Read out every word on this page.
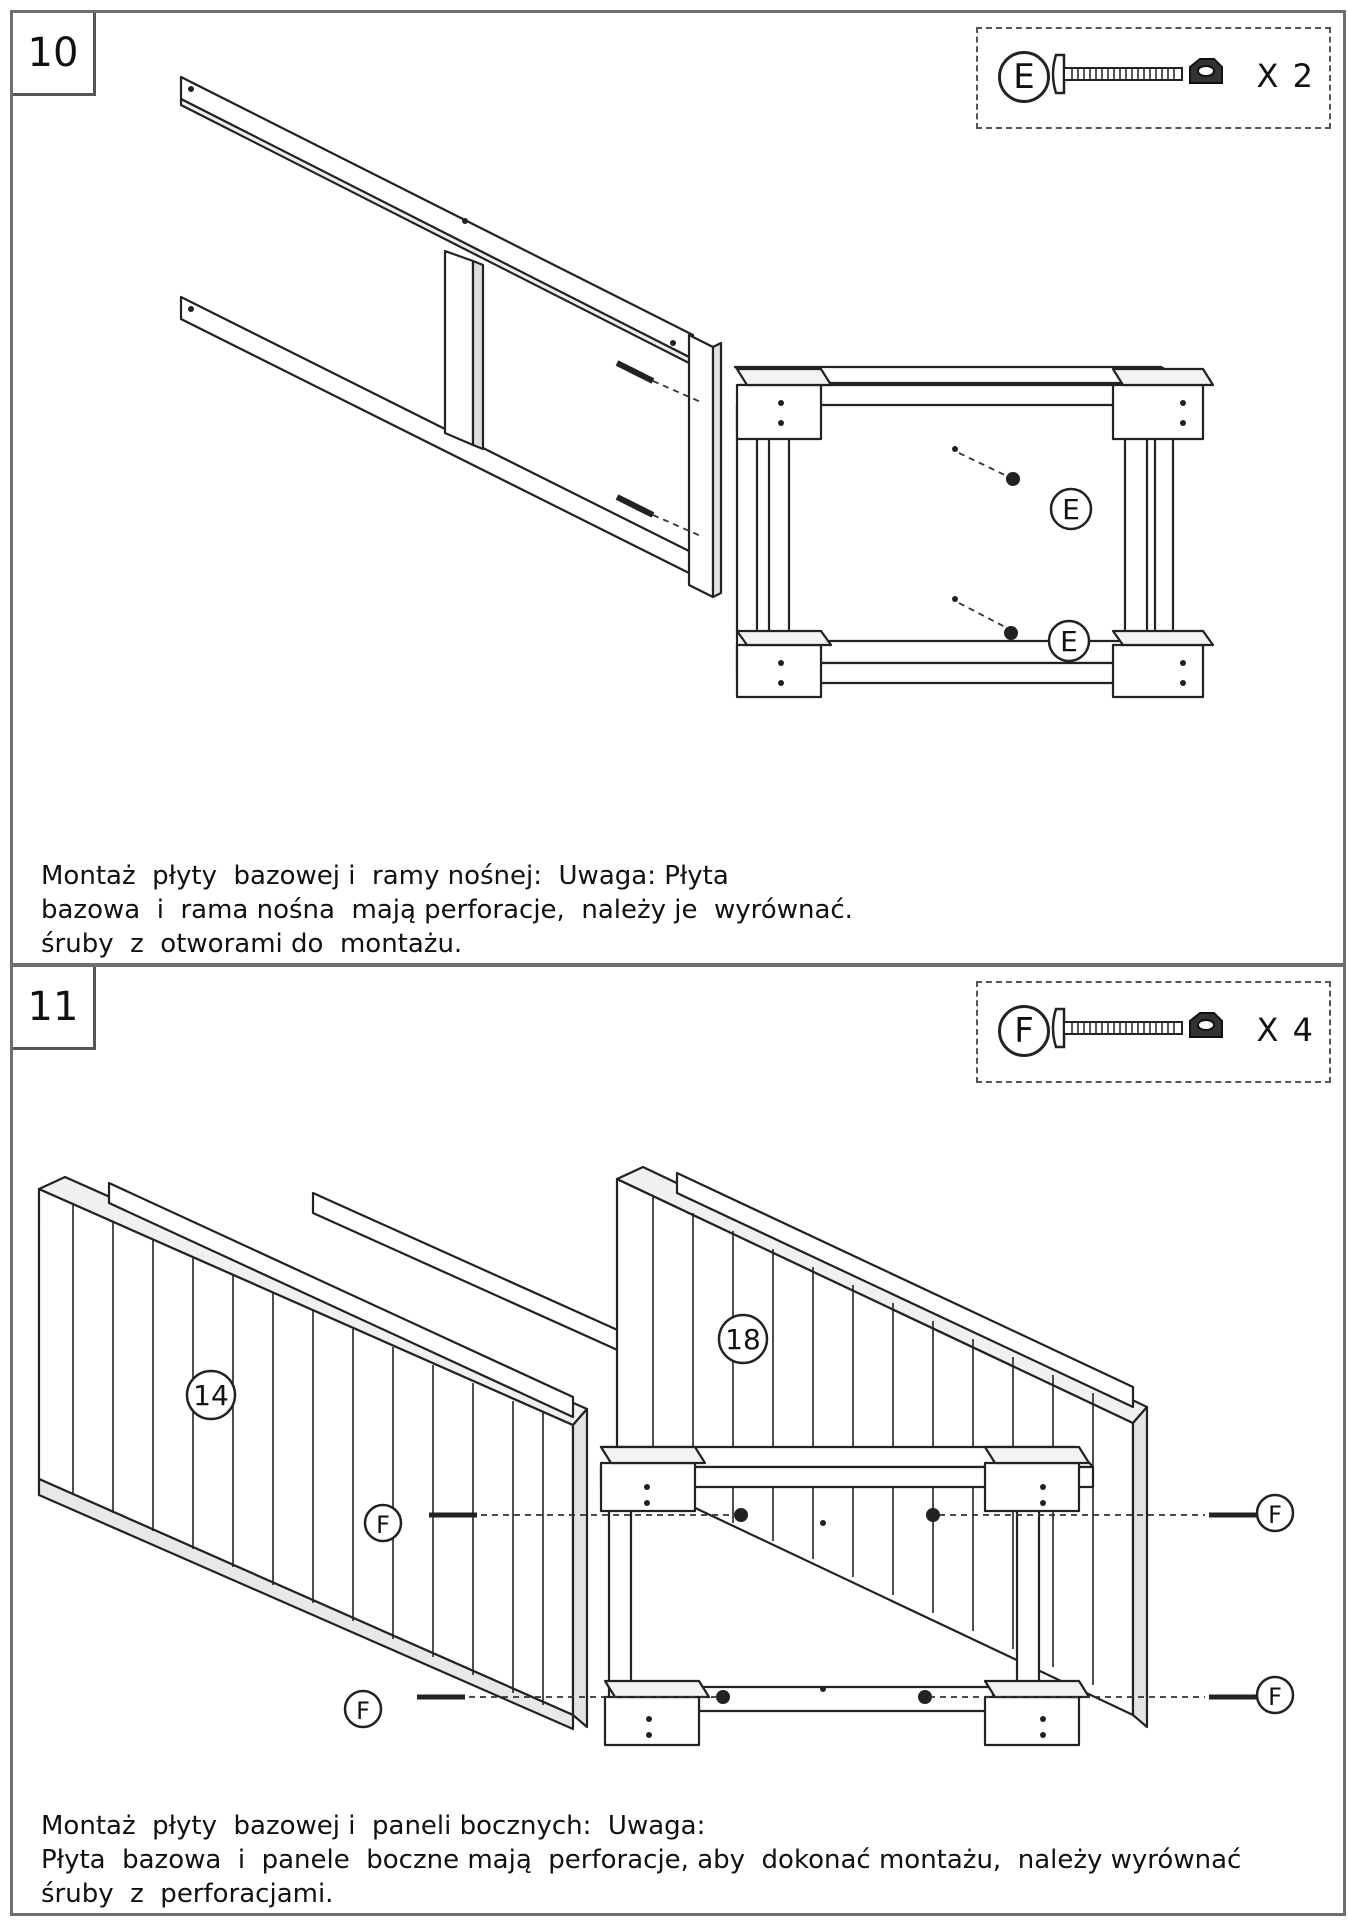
10
E	X 2
E
E
Montaż  płyty  bazowej i  ramy nośnej:  Uwaga: Płyta
bazowa  i  rama nośna  mają perforacje,  należy je  wyrównać.
śruby  z  otworami do  montażu.
11
F	X 4
14
18
F
F
F
F
Montaż  płyty  bazowej i  paneli bocznych:  Uwaga:
Płyta  bazowa  i  panele  boczne mają  perforacje, aby  dokonać montażu,  należy wyrównać
śruby  z  perforacjami.
